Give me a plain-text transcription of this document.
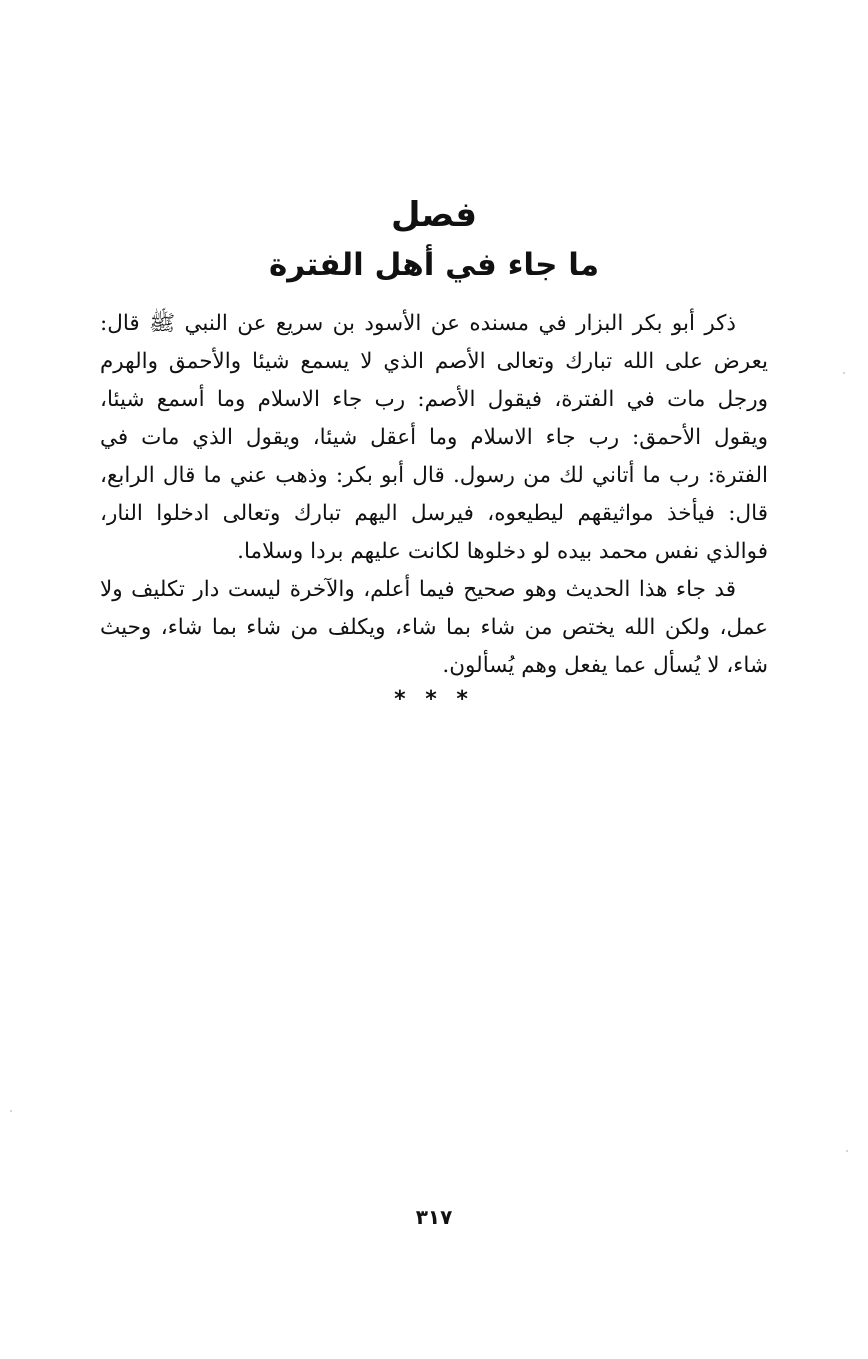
فصل
ما جاء في أهل الفترة

ذكر أبو بكر البزار في مسنده عن الأسود بن سريع عن النبي ﷺ قال: يعرض على الله تبارك وتعالى الأصم الذي لا يسمع شيئا والأحمق والهرم ورجل مات في الفترة، فيقول الأصم: رب جاء الاسلام وما أسمع شيئا، ويقول الأحمق: رب جاء الاسلام وما أعقل شيئا، ويقول الذي مات في الفترة: رب ما أتاني لك من رسول. قال أبو بكر: وذهب عني ما قال الرابع، قال: فيأخذ مواثيقهم ليطيعوه، فيرسل اليهم تبارك وتعالى ادخلوا النار، فوالذي نفس محمد بيده لو دخلوها لكانت عليهم بردا وسلاما.

قد جاء هذا الحديث وهو صحيح فيما أعلم، والآخرة ليست دار تكليف ولا عمل، ولكن الله يختص من شاء بما شاء، ويكلف من شاء بما شاء، وحيث شاء، لا يُسأل عما يفعل وهم يُسألون.

* * *
٣١٧
